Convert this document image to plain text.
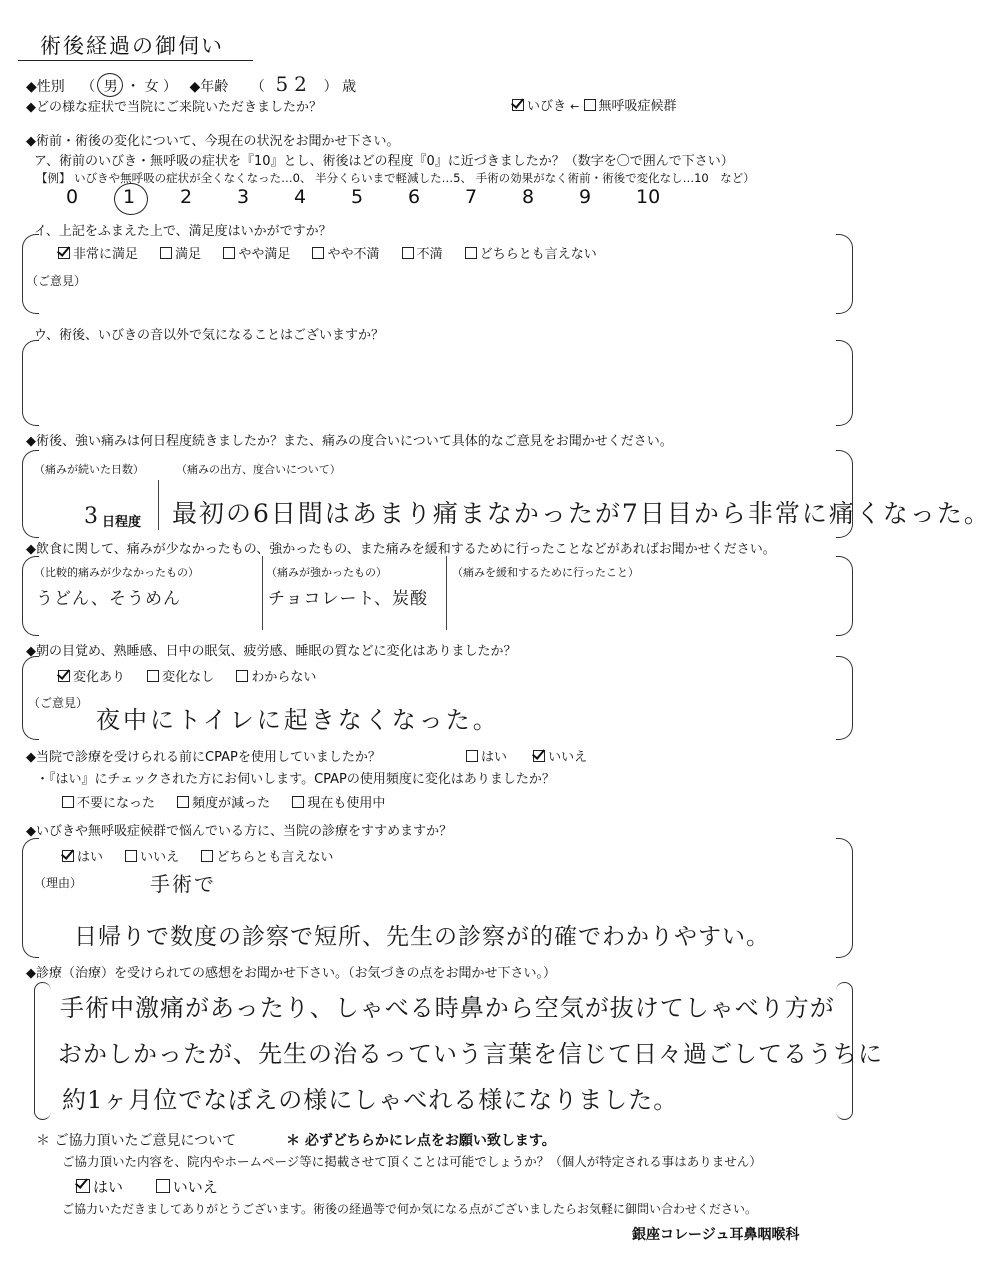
術後経過の御伺い
◆性別 （ 男 ・ 女 ） ◆年齢 （ 52 ） 歳
◆どの様な症状で当院にご来院いただきましたか？	いびき ← 無呼吸症候群
◆術前・術後の変化について、今現在の状況をお聞かせ下さい。
ア、術前のいびき・無呼吸の症状を『10』とし、術後はどの程度『0』に近づきましたか？（数字を〇で囲んで下さい）
【例】 いびきや無呼吸の症状が全くなくなった…0、 半分くらいまで軽減した…5、 手術の効果がなく術前・術後で変化なし…10　など）
0 1 2 3 4 5 6 7 8 9 10
イ、上記をふまえた上で、満足度はいかがですか？
非常に満足	満足	やや満足	やや不満	不満	どちらとも言えない
（ご意見）
ウ、術後、いびきの音以外で気になることはございますか？
◆術後、強い痛みは何日程度続きましたか？また、痛みの度合いについて具体的なご意見をお聞かせください。
（痛みが続いた日数）	（痛みの出方、度合いについて）
3
日程度 最初の6日間はあまり痛まなかったが7日目から非常に痛くなった。
◆飲食に関して、痛みが少なかったもの、強かったもの、また痛みを緩和するために行ったことなどがあればお聞かせください。
（比較的痛みが少なかったもの）	（痛みが強かったもの）	（痛みを緩和するために行ったこと）
うどん、そうめん	チョコレート、炭酸
◆朝の目覚め、熟睡感、日中の眠気、疲労感、睡眠の質などに変化はありましたか？
変化あり	変化なし	わからない
（ご意見）
夜中にトイレに起きなくなった。
◆当院で診療を受けられる前にCPAPを使用していましたか？	はい	いいえ
・『はい』にチェックされた方にお伺いします。CPAPの使用頻度に変化はありましたか？
不要になった	頻度が減った	現在も使用中
◆いびきや無呼吸症候群で悩んでいる方に、当院の診療をすすめますか？
はい	いいえ	どちらとも言えない
（理由）	手術で
日帰りで数度の診察で短所、先生の診察が的確でわかりやすい。
◆診療（治療）を受けられての感想をお聞かせ下さい。（お気づきの点をお聞かせ下さい。）
手術中激痛があったり、しゃべる時鼻から空気が抜けてしゃべり方が
おかしかったが、先生の治るっていう言葉を信じて日々過ごしてるうちに
約1ヶ月位でなぼえの様にしゃべれる様になりました。
＊ ご協力頂いたご意見について	＊ 必ずどちらかにレ点をお願い致します。
ご協力頂いた内容を、院内やホームページ等に掲載させて頂くことは可能でしょうか？（個人が特定される事はありません）
はい	いいえ
ご協力いただきましてありがとうございます。術後の経過等で何か気になる点がございましたらお気軽に御問い合わせください。
銀座コレージュ耳鼻咽喉科
